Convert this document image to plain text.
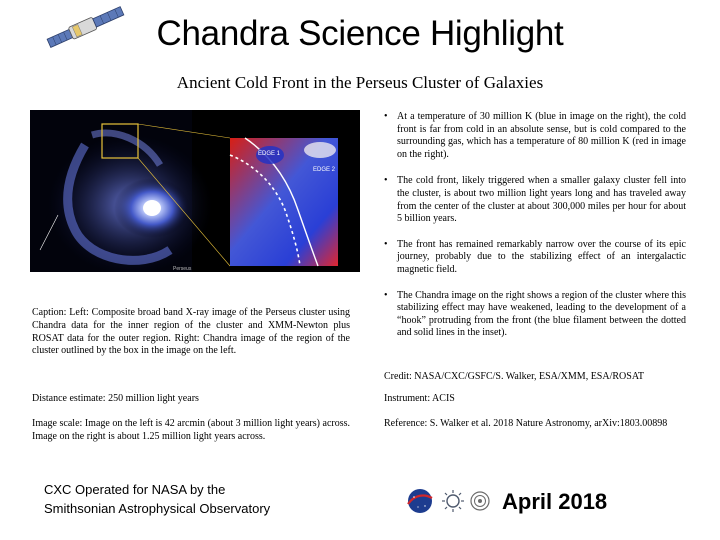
Chandra Science Highlight
Ancient Cold Front in the Perseus Cluster of Galaxies
EDGE 1
EDGE 2
Perseus
• At a temperature of 30 million K (blue in image on the right), the cold front is far from cold in an absolute sense, but is cold compared to the surrounding gas, which has a temperature of 80 million K (red in image on the right).
• The cold front, likely triggered when a smaller galaxy cluster fell into the cluster, is about two million light years long and has traveled away from the center of the cluster at about 300,000 miles per hour for about 5 billion years.
• The front has remained remarkably narrow over the course of its epic journey, probably due to the stabilizing effect of an intergalactic magnetic field.
• The Chandra image on the right shows a region of the cluster where this stabilizing effect may have weakened, leading to the development of a “hook” protruding from the front (the blue filament between the dotted and solid lines in the inset).
Caption: Left: Composite broad band X-ray image of the Perseus cluster using Chandra data for the inner region of the cluster and XMM-Newton plus ROSAT data for the outer region. Right: Chandra image of the region of the cluster outlined by the box in the image on the left.
Credit: NASA/CXC/GSFC/S. Walker, ESA/XMM, ESA/ROSAT
Distance estimate: 250 million light years	Instrument: ACIS
Image scale: Image on the left is 42 arcmin (about 3 million light years) across. Image on the right is about 1.25 million light years across.
Reference: S. Walker et al. 2018 Nature Astronomy, arXiv:1803.00898
CXC Operated for NASA by the
Smithsonian Astrophysical Observatory	April 2018
